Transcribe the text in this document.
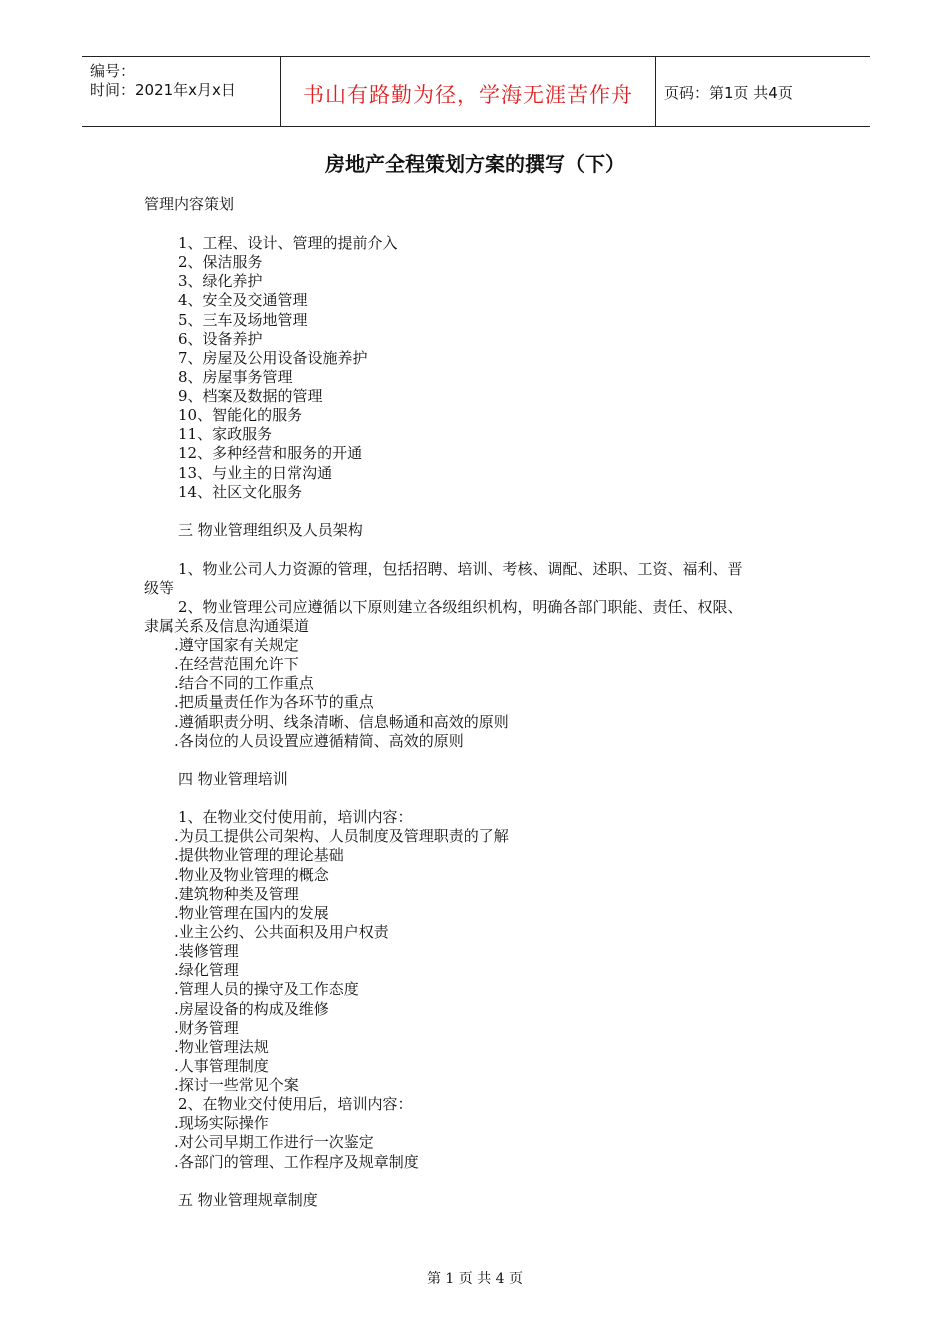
编号：
时间：2021年x月x日	书山有路勤为径，学海无涯苦作舟	页码：第1页 共4页
房地产全程策划方案的撰写（下）
管理内容策划
1、工程、设计、管理的提前介入
2、保洁服务
3、绿化养护
4、安全及交通管理
5、三车及场地管理
6、设备养护
7、房屋及公用设备设施养护
8、房屋事务管理
9、档案及数据的管理
10、智能化的服务
11、家政服务
12、多种经营和服务的开通
13、与业主的日常沟通
14、社区文化服务
三 物业管理组织及人员架构
1、物业公司人力资源的管理，包括招聘、培训、考核、调配、述职、工资、福利、晋
级等
2、物业管理公司应遵循以下原则建立各级组织机构，明确各部门职能、责任、权限、
隶属关系及信息沟通渠道
.遵守国家有关规定
.在经营范围允许下
.结合不同的工作重点
.把质量责任作为各环节的重点
.遵循职责分明、线条清晰、信息畅通和高效的原则
.各岗位的人员设置应遵循精简、高效的原则
四 物业管理培训
1、在物业交付使用前，培训内容：
.为员工提供公司架构、人员制度及管理职责的了解
.提供物业管理的理论基础
.物业及物业管理的概念
.建筑物种类及管理
.物业管理在国内的发展
.业主公约、公共面积及用户权责
.装修管理
.绿化管理
.管理人员的操守及工作态度
.房屋设备的构成及维修
.财务管理
.物业管理法规
.人事管理制度
.探讨一些常见个案
2、在物业交付使用后，培训内容：
.现场实际操作
.对公司早期工作进行一次鉴定
.各部门的管理、工作程序及规章制度
五 物业管理规章制度
第 1 页 共 4 页
